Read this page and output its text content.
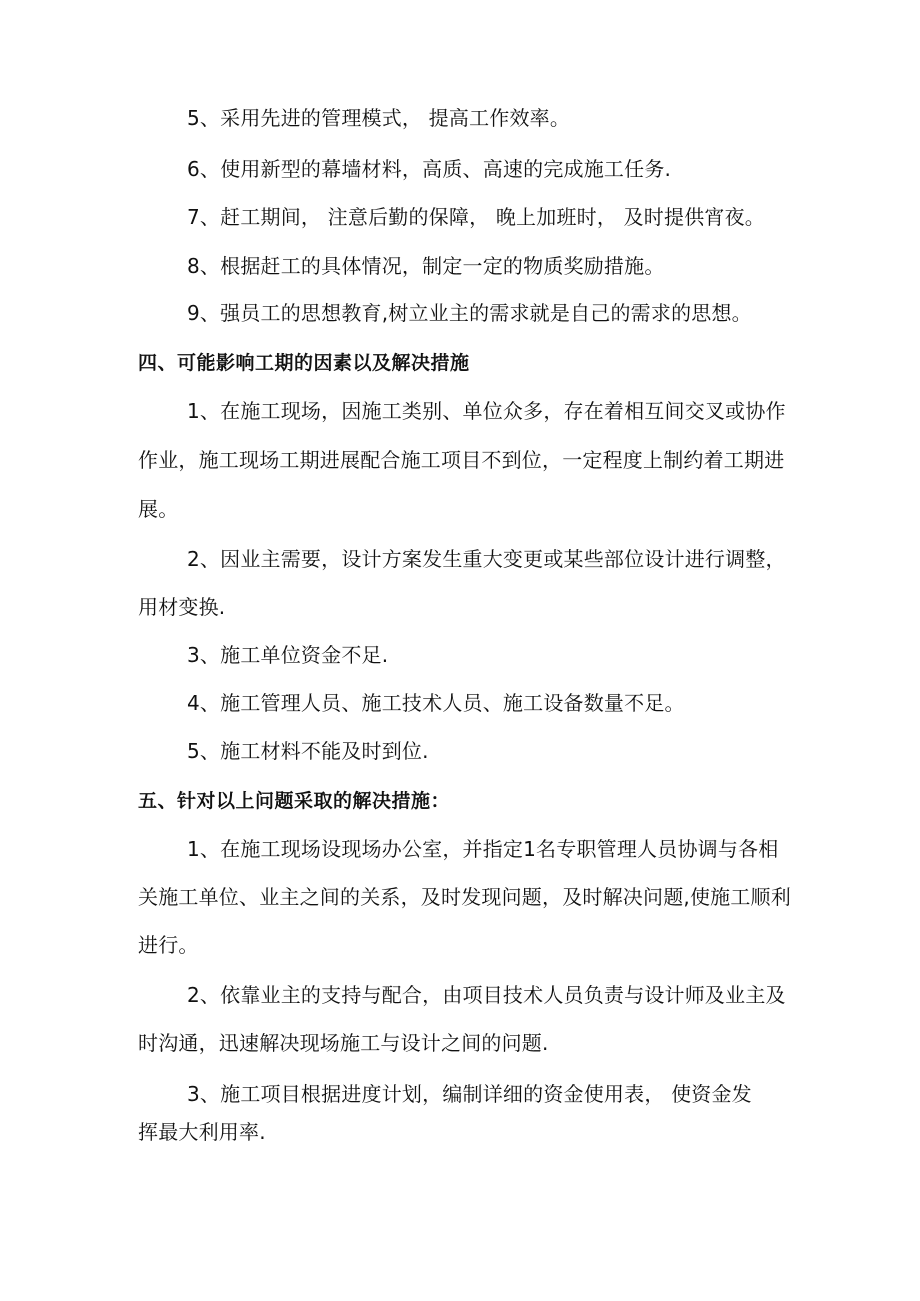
5、采用先进的管理模式， 提高工作效率。
6、使用新型的幕墙材料，高质、高速的完成施工任务.
7、赶工期间， 注意后勤的保障， 晚上加班时， 及时提供宵夜。
8、根据赶工的具体情况，制定一定的物质奖励措施。
9、强员工的思想教育,树立业主的需求就是自己的需求的思想。
四、可能影响工期的因素以及解决措施
1、在施工现场，因施工类别、单位众多，存在着相互间交叉或协作
作业，施工现场工期进展配合施工项目不到位，一定程度上制约着工期进
展。
2、因业主需要，设计方案发生重大变更或某些部位设计进行调整，
用材变换.
3、施工单位资金不足.
4、施工管理人员、施工技术人员、施工设备数量不足。
5、施工材料不能及时到位.
五、针对以上问题采取的解决措施：
1、在施工现场设现场办公室，并指定1名专职管理人员协调与各相
关施工单位、业主之间的关系，及时发现问题，及时解决问题,使施工顺利
进行。
2、依靠业主的支持与配合，由项目技术人员负责与设计师及业主及
时沟通，迅速解决现场施工与设计之间的问题.
3、施工项目根据进度计划，编制详细的资金使用表， 使资金发
挥最大利用率.
